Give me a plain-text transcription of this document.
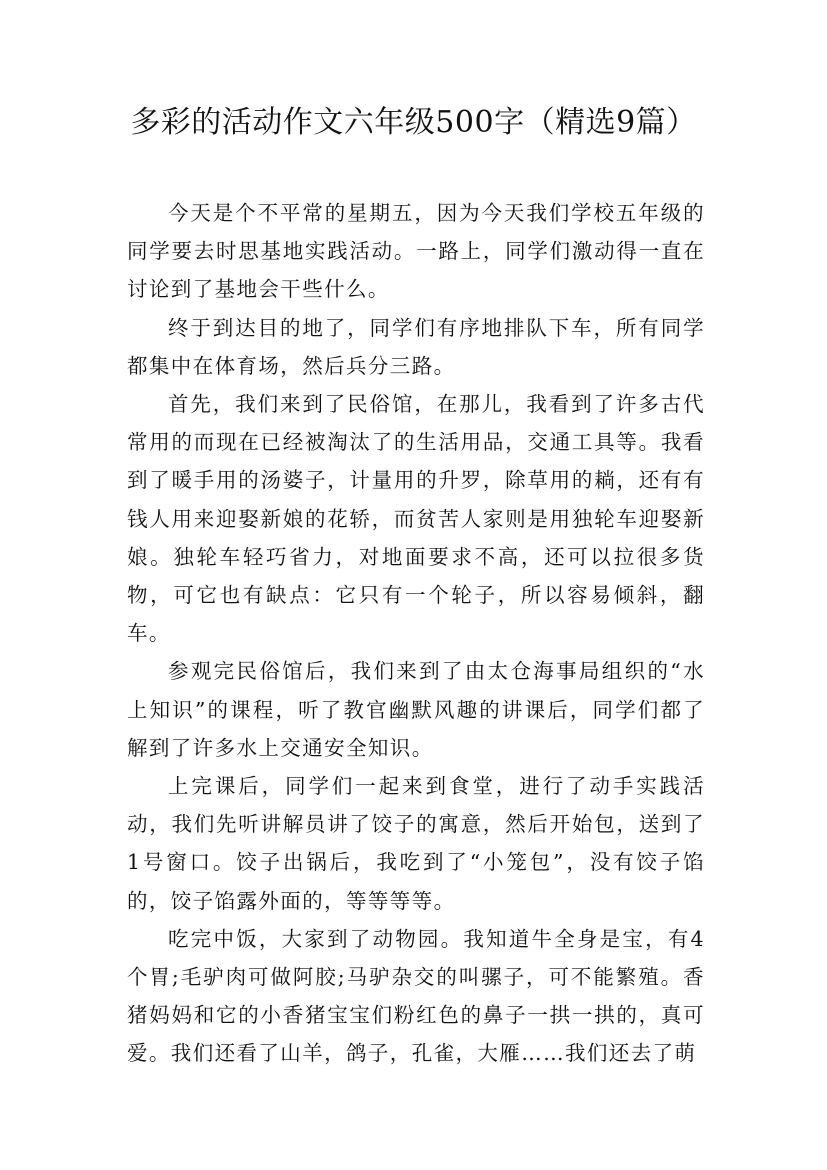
多彩的活动作文六年级500字（精选9篇）

今天是个不平常的星期五，因为今天我们学校五年级的同学要去时思基地实践活动。一路上，同学们激动得一直在讨论到了基地会干些什么。

终于到达目的地了，同学们有序地排队下车，所有同学都集中在体育场，然后兵分三路。

首先，我们来到了民俗馆，在那儿，我看到了许多古代常用的而现在已经被淘汰了的生活用品，交通工具等。我看到了暖手用的汤婆子，计量用的升罗，除草用的耥，还有有钱人用来迎娶新娘的花轿，而贫苦人家则是用独轮车迎娶新娘。独轮车轻巧省力，对地面要求不高，还可以拉很多货物，可它也有缺点：它只有一个轮子，所以容易倾斜，翻车。

参观完民俗馆后，我们来到了由太仓海事局组织的“水上知识”的课程，听了教官幽默风趣的讲课后，同学们都了解到了许多水上交通安全知识。

上完课后，同学们一起来到食堂，进行了动手实践活动，我们先听讲解员讲了饺子的寓意，然后开始包，送到了1号窗口。饺子出锅后，我吃到了“小笼包”，没有饺子馅的，饺子馅露外面的，等等等等。

吃完中饭，大家到了动物园。我知道牛全身是宝，有4个胃;毛驴肉可做阿胶;马驴杂交的叫骡子，可不能繁殖。香猪妈妈和它的小香猪宝宝们粉红色的鼻子一拱一拱的，真可爱。我们还看了山羊，鸽子，孔雀，大雁……我们还去了萌
